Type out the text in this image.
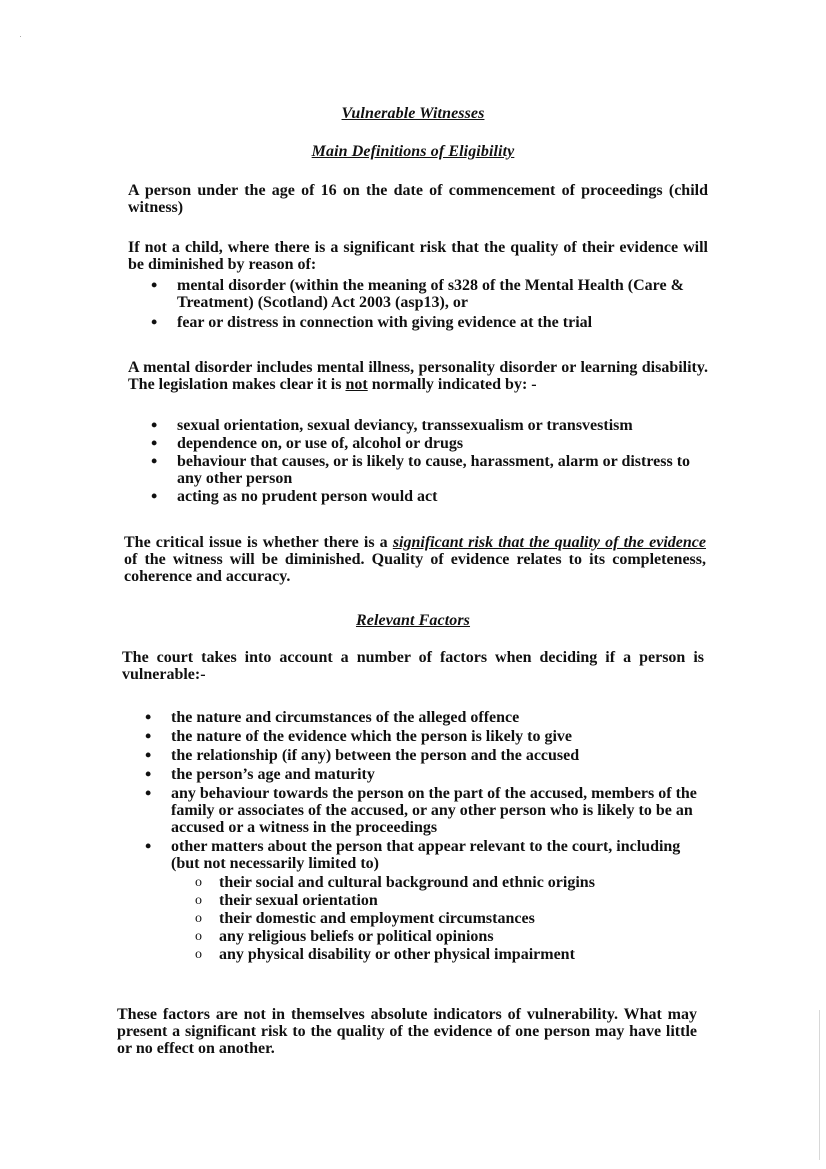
Vulnerable Witnesses
Main Definitions of Eligibility

A person under the age of 16 on the date of commencement of proceedings (child witness)

If not a child, where there is a significant risk that the quality of their evidence will be diminished by reason of:

• mental disorder (within the meaning of s328 of the Mental Health (Care & Treatment) (Scotland) Act 2003 (asp13), or
• fear or distress in connection with giving evidence at the trial

A mental disorder includes mental illness, personality disorder or learning disability. The legislation makes clear it is not normally indicated by: -

• sexual orientation, sexual deviancy, transsexualism or transvestism
• dependence on, or use of, alcohol or drugs
• behaviour that causes, or is likely to cause, harassment, alarm or distress to any other person
• acting as no prudent person would act

The critical issue is whether there is a significant risk that the quality of the evidence of the witness will be diminished. Quality of evidence relates to its completeness, coherence and accuracy.

Relevant Factors

The court takes into account a number of factors when deciding if a person is vulnerable:-

• the nature and circumstances of the alleged offence
• the nature of the evidence which the person is likely to give
• the relationship (if any) between the person and the accused
• the person’s age and maturity
• any behaviour towards the person on the part of the accused, members of the family or associates of the accused, or any other person who is likely to be an accused or a witness in the proceedings
• other matters about the person that appear relevant to the court, including (but not necessarily limited to)
o their social and cultural background and ethnic origins
o their sexual orientation
o their domestic and employment circumstances
o any religious beliefs or political opinions
o any physical disability or other physical impairment

These factors are not in themselves absolute indicators of vulnerability. What may present a significant risk to the quality of the evidence of one person may have little or no effect on another.
